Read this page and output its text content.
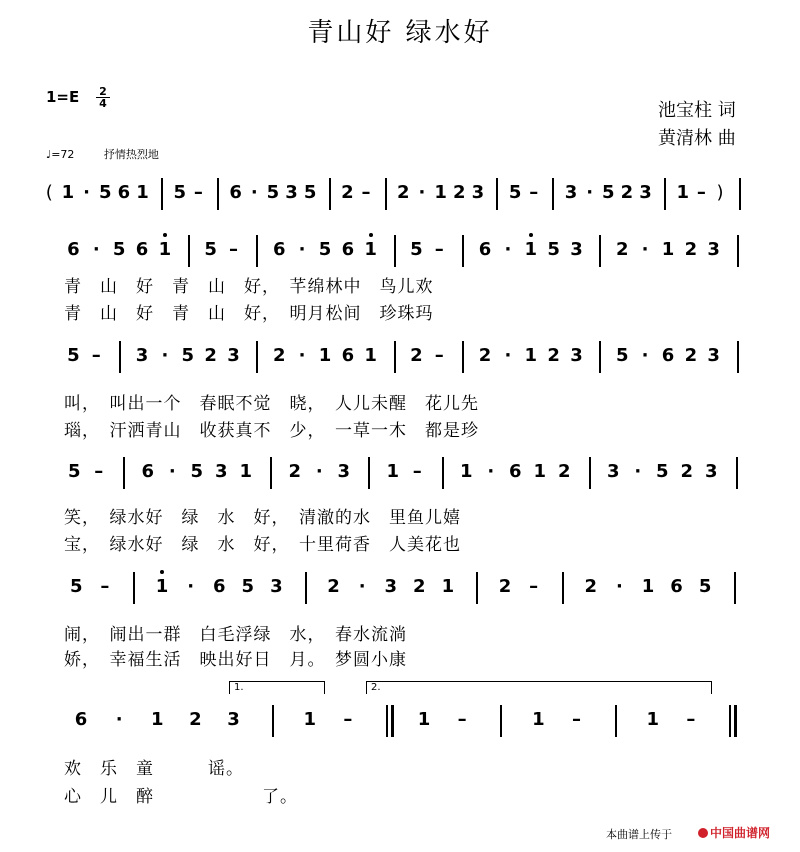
青山好 绿水好
$1=E \frac{2}{4}$
♩=72	抒情热烈地
池宝柱 词
黄清林 曲
( 1 · 5 6 1 5 – 6 · 5 3 5 2 – 2 · 1 2 3 5 – 3 · 5 2 3 1 – )
6 · 5 6 1 5 – 6 · 5 6 1 5 – 6 · 1 5 3 2 · 1 2 3
青　山　好　青　山　好，　芊绵林中　鸟儿欢
青　山　好　青　山　好，　明月松间　珍珠玛
5 – 3 · 5 2 3 2 · 1 6 1 2 – 2 · 1 2 3 5 · 6 2 3
叫，　叫出一个　春眠不觉　晓，　人儿未醒　花儿先
瑙，　汗洒青山　收获真不　少，　一草一木　都是珍
5 – 6 · 5 3 1 2 · 3 1 – 1 · 6 1 2 3 · 5 2 3
笑，　绿水好　绿　水　好，　清澈的水　里鱼儿嬉
宝，　绿水好　绿　水　好，　十里荷香　人美花也
5 –	1 · 6 5 3 2 · 3 2 1 2 –	2 · 1 6 5
闹，　闹出一群　白毛浮绿　水，　春水流淌
娇，　幸福生活　映出好日　月。　梦圆小康
6 · 1 2 3	1 –	1 –	1 –	1 –
欢　乐　童　　　谣。
心　儿　醉　　　　　　了。
本曲谱上传于	中国曲谱网
1.	2.
